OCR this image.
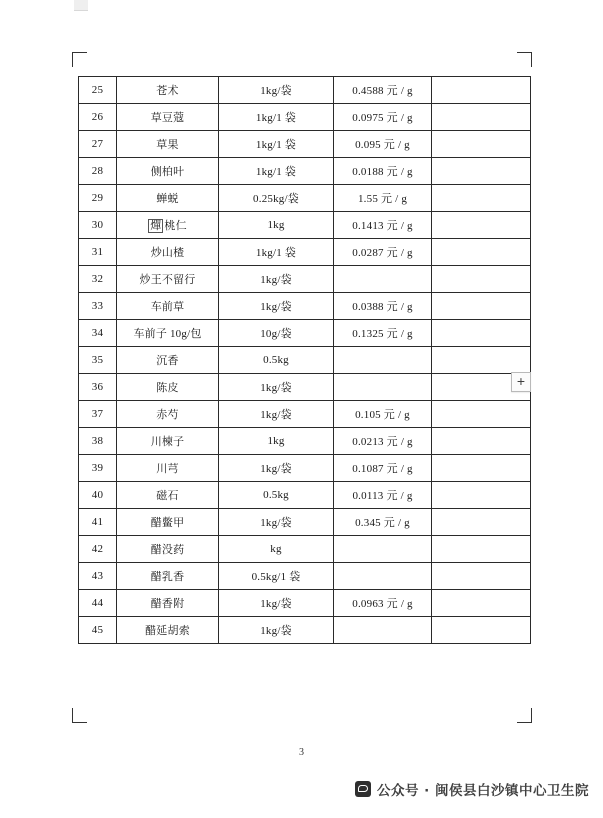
25	苍术	1kg/袋	0.4588 元 / g	
26	草豆蔻	1kg/1 袋	0.0975 元 / g	
27	草果	1kg/1 袋	0.095 元 / g	
28	侧柏叶	1kg/1 袋	0.0188 元 / g	
29	蝉蜕	0.25kg/袋	1.55 元 / g	
30	燀 桃仁	1kg	0.1413 元 / g	
31	炒山楂	1kg/1 袋	0.0287 元 / g	
32	炒王不留行	1kg/袋		
33	车前草	1kg/袋	0.0388 元 / g	
34	车前子 10g/包	10g/袋	0.1325 元 / g	
35	沉香	0.5kg		
36	陈皮	1kg/袋		
37	赤芍	1kg/袋	0.105 元 / g	
38	川楝子	1kg	0.0213 元 / g	
39	川芎	1kg/袋	0.1087 元 / g	
40	磁石	0.5kg	0.0113 元 / g	
41	醋鳖甲	1kg/袋	0.345 元 / g	
42	醋没药	kg		
43	醋乳香	0.5kg/1 袋		
44	醋香附	1kg/袋	0.0963 元 / g	
45	醋延胡索	1kg/袋		
+
3
公众号 · 闽侯县白沙镇中心卫生院
